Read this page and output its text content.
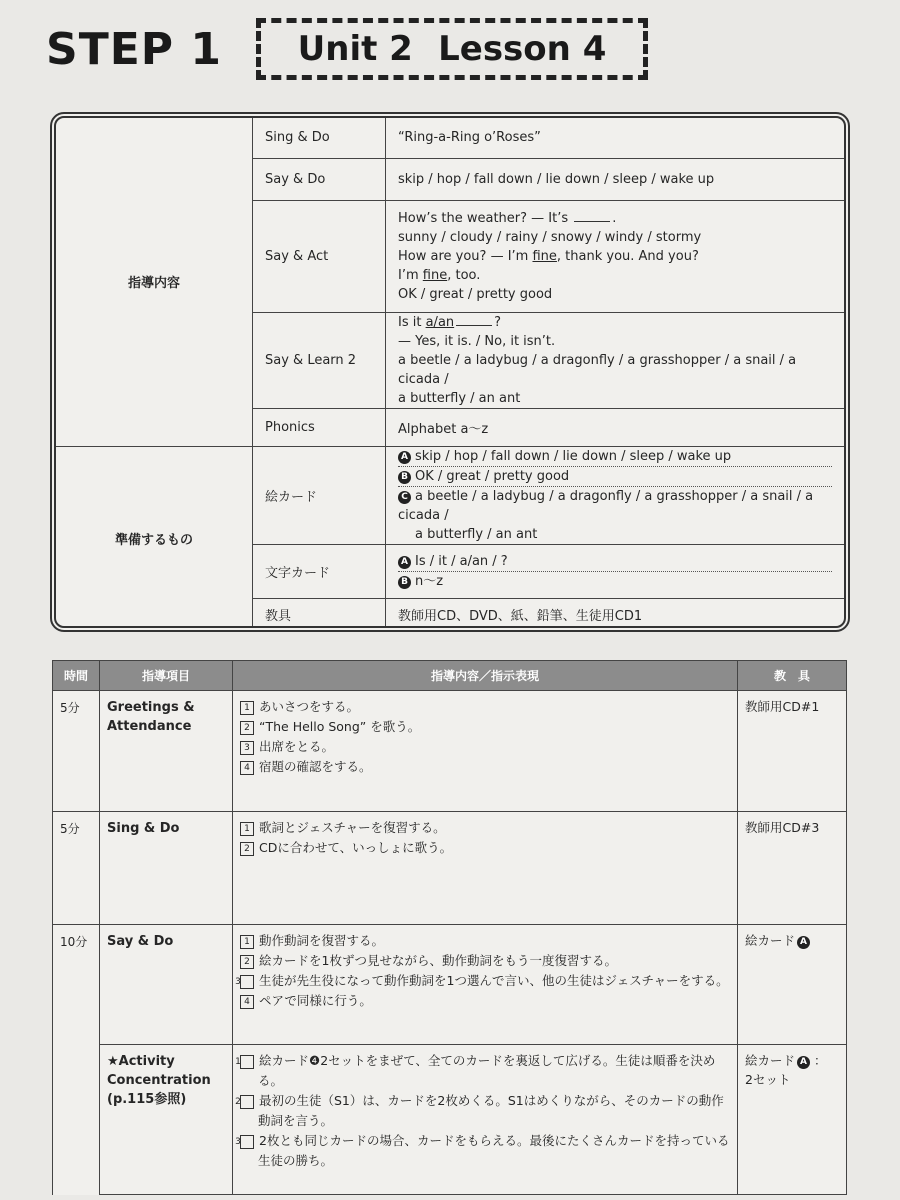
STEP 1 Unit 2 Lesson 4
指導内容	Sing & Do	“Ring-a-Ring o’Roses”
	Say & Do	skip / hop / fall down / lie down / sleep / wake up
	Say & Act	How’s the weather? — It’s .
sunny / cloudy / rainy / snowy / windy / stormy
How are you? — I’m fine, thank you. And you?
I’m fine, too.
OK / great / pretty good

	Say & Learn 2	Is it a/an ?
— Yes, it is. / No, it isn’t.
a beetle / a ladybug / a dragonfly / a grasshopper / a snail / a cicada /
a butterfly / an ant

	Phonics	Alphabet a～z
準備するもの	絵カード	A skip / hop / fall down / lie down / sleep / wake up
B OK / great / pretty good
C a beetle / a ladybug / a dragonfly / a grasshopper / a snail / a cicada /
a butterfly / an ant

	文字カード	A Is / it / a/an / ?
B n～z

	教具	教師用CD、DVD、紙、鉛筆、生徒用CD1
時間	指導項目	指導内容／指示表現	教　具
5分	Greetings &
Attendance	1 あいさつをする。
2 “The Hello Song” を歌う。
3 出席をとる。
4 宿題の確認をする。	教師用CD#1
5分	Sing & Do	1 歌詞とジェスチャーを復習する。
2 CDに合わせて、いっしょに歌う。	教師用CD#3
10分	Say & Do	1 動作動詞を復習する。
2 絵カードを1枚ずつ見せながら、動作動詞をもう一度復習する。
3 生徒が先生役になって動作動詞を1つ選んで言い、他の生徒はジェスチャーをする。
4 ペアで同様に行う。	絵カード A

	★Activity
Concentration
(p.115参照)	1 絵カード❹2セットをまぜて、全てのカードを裏返して広げる。生徒は順番を決める。
2 最初の生徒（S1）は、カードを2枚めくる。S1はめくりながら、そのカードの動作動詞を言う。
3 2枚とも同じカードの場合、カードをもらえる。最後にたくさんカードを持っている生徒の勝ち。	絵カード A ：
2セット
